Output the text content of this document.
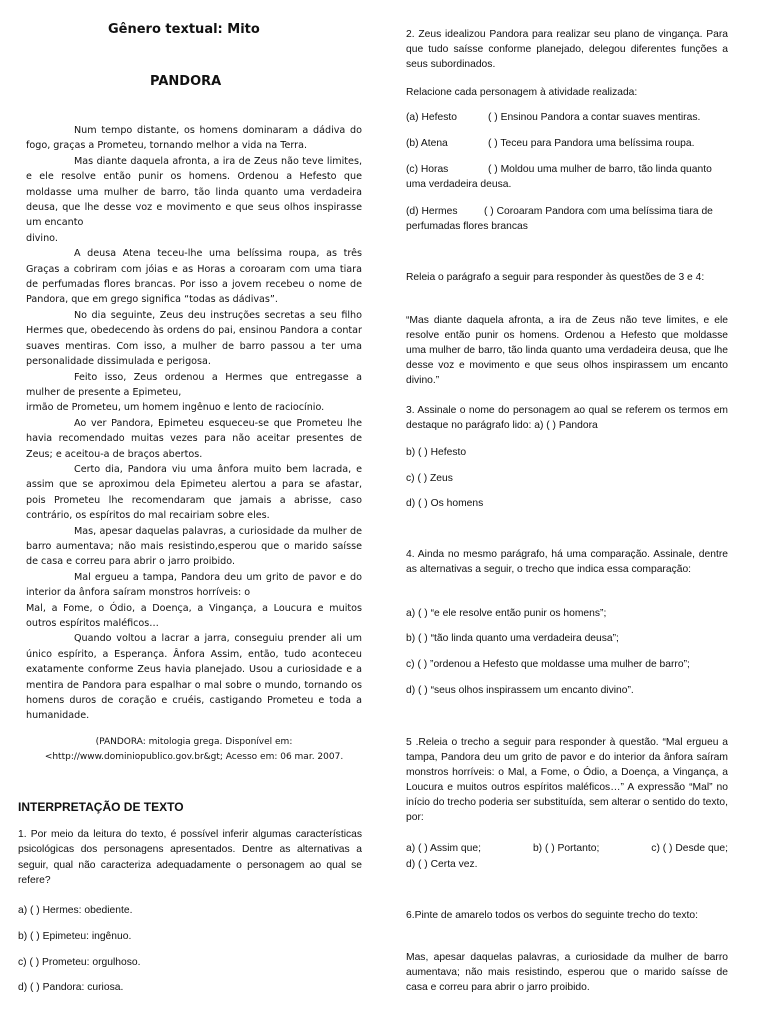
Gênero textual: Mito
PANDORA

Num tempo distante, os homens dominaram a dádiva do fogo, graças a Prometeu, tornando melhor a vida na Terra.

Mas diante daquela afronta, a ira de Zeus não teve limites, e ele resolve então punir os homens. Ordenou a Hefesto que moldasse uma mulher de barro, tão linda quanto uma verdadeira deusa, que lhe desse voz e movimento e que seus olhos inspirasse um encanto

divino.

A deusa Atena teceu-lhe uma belíssima roupa, as três Graças a cobriram com jóias e as Horas a coroaram com uma tiara de perfumadas flores brancas. Por isso a jovem recebeu o nome de Pandora, que em grego significa “todas as dádivas”.

No dia seguinte, Zeus deu instruções secretas a seu filho Hermes que, obedecendo às ordens do pai, ensinou Pandora a contar suaves mentiras. Com isso, a mulher de barro passou a ter uma personalidade dissimulada e perigosa.

Feito isso, Zeus ordenou a Hermes que entregasse a mulher de presente a Epimeteu,

irmão de Prometeu, um homem ingênuo e lento de raciocínio.

Ao ver Pandora, Epimeteu esqueceu-se que Prometeu lhe havia recomendado muitas vezes para não aceitar presentes de Zeus; e aceitou-a de braços abertos.

Certo dia, Pandora viu uma ânfora muito bem lacrada, e assim que se aproximou dela Epimeteu alertou a para se afastar, pois Prometeu lhe recomendaram que jamais a abrisse, caso contrário, os espíritos do mal recairiam sobre eles.

Mas, apesar daquelas palavras, a curiosidade da mulher de barro aumentava; não mais resistindo,esperou que o marido saísse de casa e correu para abrir o jarro proibido.

Mal ergueu a tampa, Pandora deu um grito de pavor e do interior da ânfora saíram monstros horríveis: o

Mal, a Fome, o Ódio, a Doença, a Vingança, a Loucura e muitos outros espíritos maléficos…

Quando voltou a lacrar a jarra, conseguiu prender ali um único espírito, a Esperança. Ânfora Assim, então, tudo aconteceu exatamente conforme Zeus havia planejado. Usou a curiosidade e a mentira de Pandora para espalhar o mal sobre o mundo, tornando os homens duros de coração e cruéis, castigando Prometeu e toda a humanidade.

(PANDORA: mitologia grega. Disponível em:
<http://www.dominiopublico.gov.br&gt; Acesso em: 06 mar. 2007.
INTERPRETAÇÃO DE TEXTO
1. Por meio da leitura do texto, é possível inferir algumas características psicológicas dos personagens apresentados. Dentre as alternativas a seguir, qual não caracteriza adequadamente o personagem ao qual se refere?
a) ( ) Hermes: obediente.
b) ( ) Epimeteu: ingênuo.
c) ( ) Prometeu: orgulhoso.
d) ( ) Pandora: curiosa.
2. Zeus idealizou Pandora para realizar seu plano de vingança. Para que tudo saísse conforme planejado, delegou diferentes funções a seus subordinados.
Relacione cada personagem à atividade realizada:
(a) Hefesto	( ) Ensinou Pandora a contar suaves mentiras.
(b) Atena	( ) Teceu para Pandora uma belíssima roupa.
(c) Horas	( ) Moldou uma mulher de barro, tão linda quanto uma verdadeira deusa.
(d) Hermes	( ) Coroaram Pandora com uma belíssima tiara de perfumadas flores brancas
Releia o parágrafo a seguir para responder às questões de 3 e 4:
“Mas diante daquela afronta, a ira de Zeus não teve limites, e ele resolve então punir os homens. Ordenou a Hefesto que moldasse uma mulher de barro, tão linda quanto uma verdadeira deusa, que lhe desse voz e movimento e que seus olhos inspirassem um encanto divino.”
3. Assinale o nome do personagem ao qual se referem os termos em destaque no parágrafo lido: a) ( ) Pandora
b) ( ) Hefesto
c) ( ) Zeus
d) ( ) Os homens
4. Ainda no mesmo parágrafo, há uma comparação. Assinale, dentre as alternativas a seguir, o trecho que indica essa comparação:
a) ( ) “e ele resolve então punir os homens”;
b) ( ) “tão linda quanto uma verdadeira deusa”;
c) ( ) ”ordenou a Hefesto que moldasse uma mulher de barro”;
d) ( ) “seus olhos inspirassem um encanto divino”.
5 .Releia o trecho a seguir para responder à questão. “Mal ergueu a tampa, Pandora deu um grito de pavor e do interior da ânfora saíram monstros horríveis: o Mal, a Fome, o Ódio, a Doença, a Vingança, a Loucura e muitos outros espíritos maléficos…” A expressão “Mal” no início do trecho poderia ser substituída, sem alterar o sentido do texto, por:
a) ( ) Assim que;	b) ( ) Portanto;	c) ( ) Desde que;
d) ( ) Certa vez.
6.Pinte de amarelo todos os verbos do seguinte trecho do texto:
Mas, apesar daquelas palavras, a curiosidade da mulher de barro aumentava; não mais resistindo, esperou que o marido saísse de casa e correu para abrir o jarro proibido.
